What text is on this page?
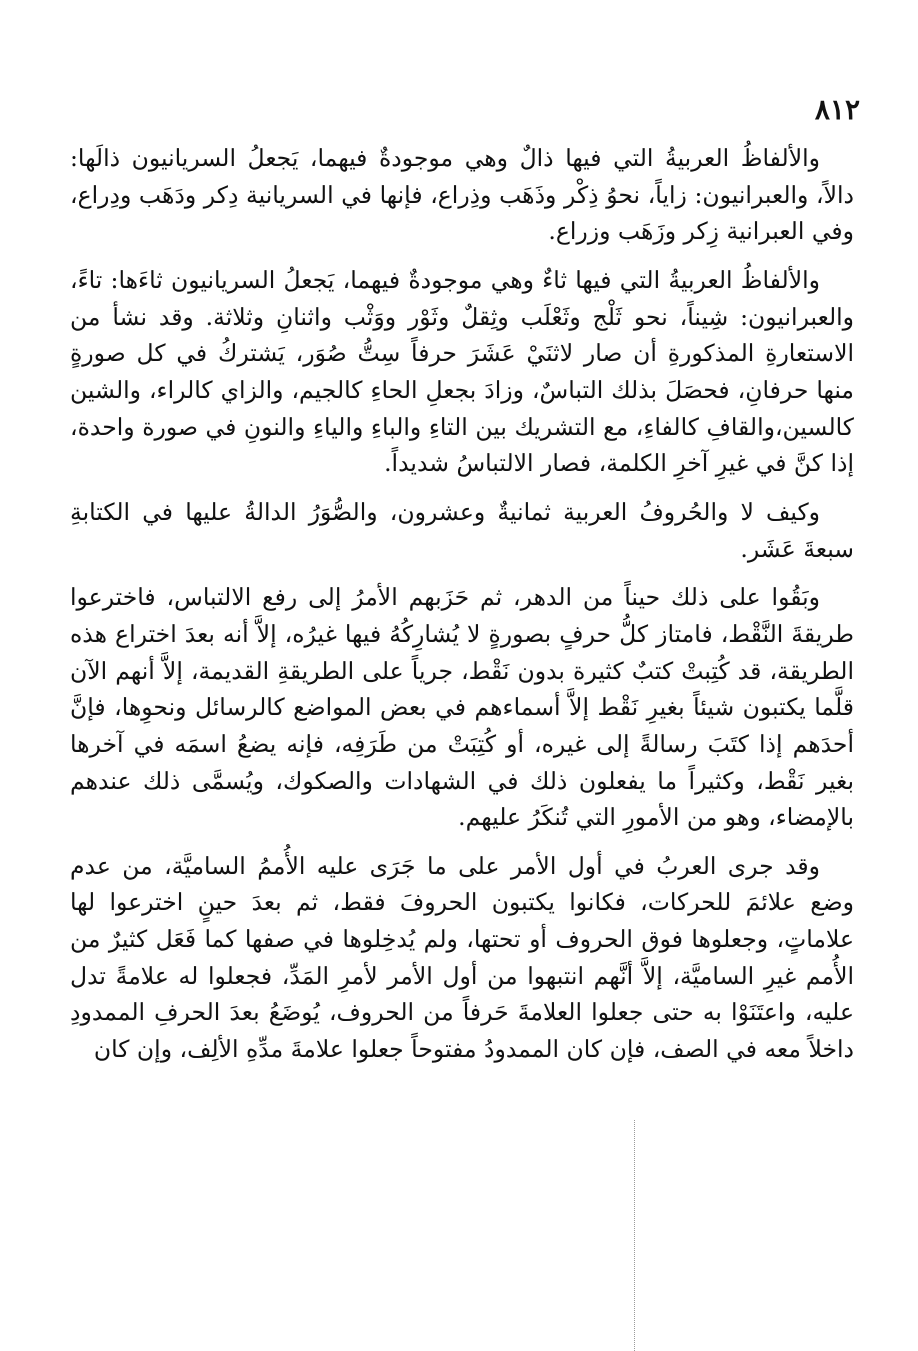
٨١٢

والألفاظُ العربيةُ التي فيها ذالٌ وهي موجودةٌ فيهما، يَجعلُ السريانيون ذالَها: دالاً، والعبرانيون: زاياً، نحوُ ذِكْر وذَهَب وذِراع، فإنها في السريانية دِكر ودَهَب ودِراع، وفي العبرانية زِكر وزَهَب وزراع.

والألفاظُ العربيةُ التي فيها ثاءٌ وهي موجودةٌ فيهما، يَجعلُ السريانيون ثاءَها: تاءً، والعبرانيون: شِيناً، نحو ثَلْج وثَعْلَب وثِقلٌ وثَوْر ووَثْب واثنانِ وثلاثة. وقد نشأ من الاستعارةِ المذكورةِ أن صار لاثنَيْ عَشَرَ حرفاً سِتُّ صُوَر، يَشتركُ في كل صورةٍ منها حرفانِ، فحصَلَ بذلك التباسٌ، وزادَ بجعلِ الحاءِ كالجيم، والزاي كالراء، والشين كالسين،والقافِ كالفاءِ، مع التشريك بين التاءِ والباءِ والياءِ والنونِ في صورة واحدة، إذا كنَّ في غيرِ آخرِ الكلمة، فصار الالتباسُ شديداً.

وكيف لا والحُروفُ العربية ثمانيةٌ وعشرون، والصُّوَرُ الدالةُ عليها في الكتابةِ سبعةَ عَشَر.

وبَقُوا على ذلك حيناً من الدهر، ثم حَزَبهم الأمرُ إلى رفع الالتباس، فاخترعوا طريقةَ النَّقْط، فامتاز كلُّ حرفٍ بصورةٍ لا يُشارِكُهُ فيها غيرُه، إلاَّ أنه بعدَ اختراع هذه الطريقة، قد كُتِبتْ كتبٌ كثيرة بدون نَقْط، جرياً على الطريقةِ القديمة، إلاَّ أنهم الآن قلَّما يكتبون شيئاً بغيرِ نَقْط إلاَّ أسماءهم في بعض المواضع كالرسائل ونحوِها، فإنَّ أحدَهم إذا كتَبَ رسالةً إلى غيره، أو كُتِبَتْ من طَرَفِه، فإنه يضعُ اسمَه في آخرها بغير نَقْط، وكثيراً ما يفعلون ذلك في الشهادات والصكوك، ويُسمَّى ذلك عندهم بالإمضاء، وهو من الأمورِ التي تُنكَرُ عليهم.

وقد جرى العربُ في أول الأمر على ما جَرَى عليه الأُممُ الساميَّة، من عدم وضع علائمَ للحركات، فكانوا يكتبون الحروفَ فقط، ثم بعدَ حينٍ اخترعوا لها علاماتٍ، وجعلوها فوق الحروف أو تحتها، ولم يُدخِلوها في صفها كما فَعَل كثيرٌ من الأُمم غيرِ الساميَّة، إلاَّ أنَّهم انتبهوا من أول الأمر لأمرِ المَدِّ، فجعلوا له علامةً تدل عليه، واعتَنَوْا به حتى جعلوا العلامةَ حَرفاً من الحروف، يُوضَعُ بعدَ الحرفِ الممدودِ داخلاً معه في الصف، فإن كان الممدودُ مفتوحاً جعلوا علامةَ مدِّهِ الألِف، وإن كان
